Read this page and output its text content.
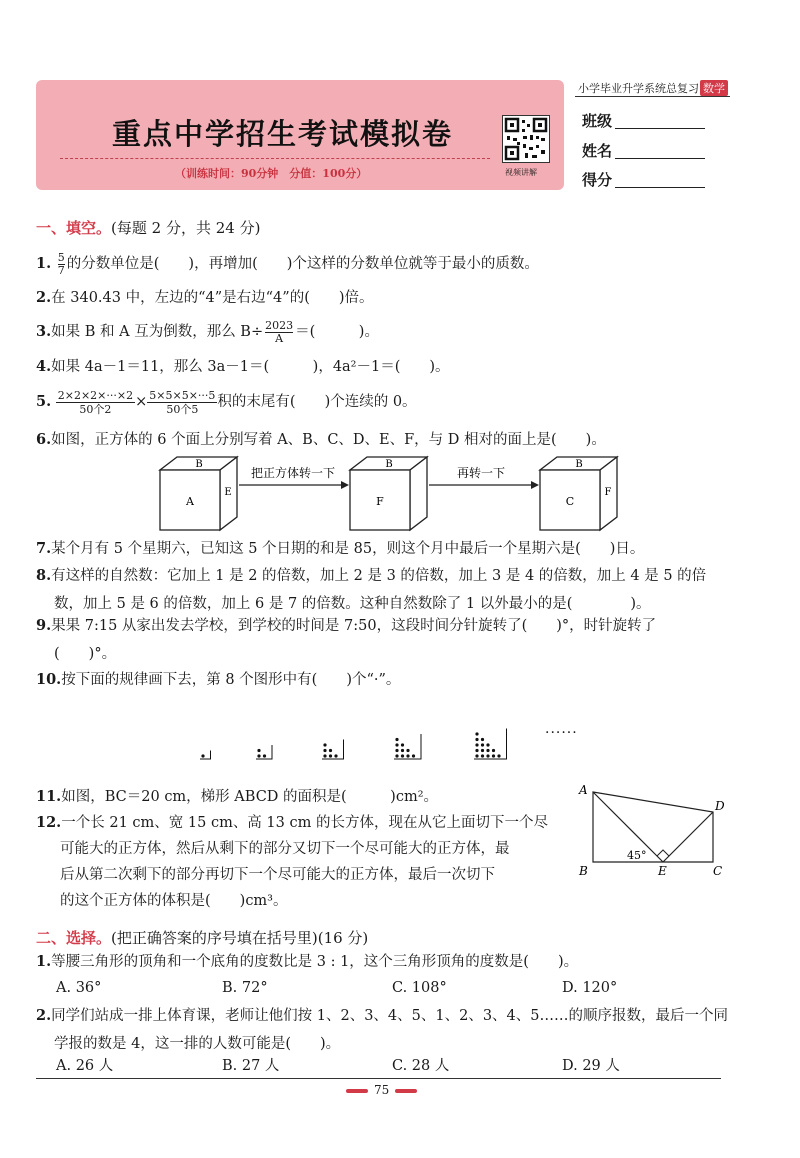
重点中学招生考试模拟卷
（训练时间：90分钟　分值：100分）	视频讲解
小学毕业升学系统总复习 数学
班级
姓名
得分
一、填空。(每题 2 分，共 24 分)
1. $\frac{5}{7}$ 的分数单位是(　　)，再增加(　　)个这样的分数单位就等于最小的质数。
2.在 340.43 中，左边的“4”是右边“4”的(　　)倍。
3.如果 B 和 A 互为倒数，那么 $B\div \frac{2023}{A}$ ＝(　　　)。
4.如果 4a－1＝11，那么 3a－1＝(　　　)，4a²－1＝(　　)。
5. 2×2×2×···×2
50个2	× 5×5×5×···5
50个5	积的末尾有(　　)个连续的 0。
6.如图，正方体的 6 个面上分别写着 A、B、C、D、E、F，与 D 相对的面上是(　　)。
B
A
E
把正方体转一下
B
F
再转一下
B
C
F
7.某个月有 5 个星期六，已知这 5 个日期的和是 85，则这个月中最后一个星期六是(　　)日。
8.有这样的自然数：它加上 1 是 2 的倍数，加上 2 是 3 的倍数，加上 3 是 4 的倍数，加上 4 是 5 的倍
数，加上 5 是 6 的倍数，加上 6 是 7 的倍数。这种自然数除了 1 以外最小的是(　　　　)。
9.果果 7:15 从家出发去学校，到学校的时间是 7:50，这段时间分针旋转了(　　)°，时针旋转了
(　　)°。
10.按下面的规律画下去，第 8 个图形中有(　　)个“·”。
······
11.如图，BC＝20 cm，梯形 ABCD 的面积是(　　　)cm²。
12.一个长 21 cm、宽 15 cm、高 13 cm 的长方体，现在从它上面切下一个尽
可能大的正方体，然后从剩下的部分又切下一个尽可能大的正方体，最
后从第二次剩下的部分再切下一个尽可能大的正方体，最后一次切下
的这个正方体的体积是(　　)cm³。
A
D
B	E	C
45°
二、选择。(把正确答案的序号填在括号里)(16 分)
1.等腰三角形的顶角和一个底角的度数比是 3 : 1，这个三角形顶角的度数是(　　)。
A. 36°	B. 72°	C. 108°	D. 120°
2.同学们站成一排上体育课，老师让他们按 1、2、3、4、5、1、2、3、4、5……的顺序报数，最后一个同
学报的数是 4，这一排的人数可能是(　　)。
A. 26 人	B. 27 人	C. 28 人	D. 29 人
75
